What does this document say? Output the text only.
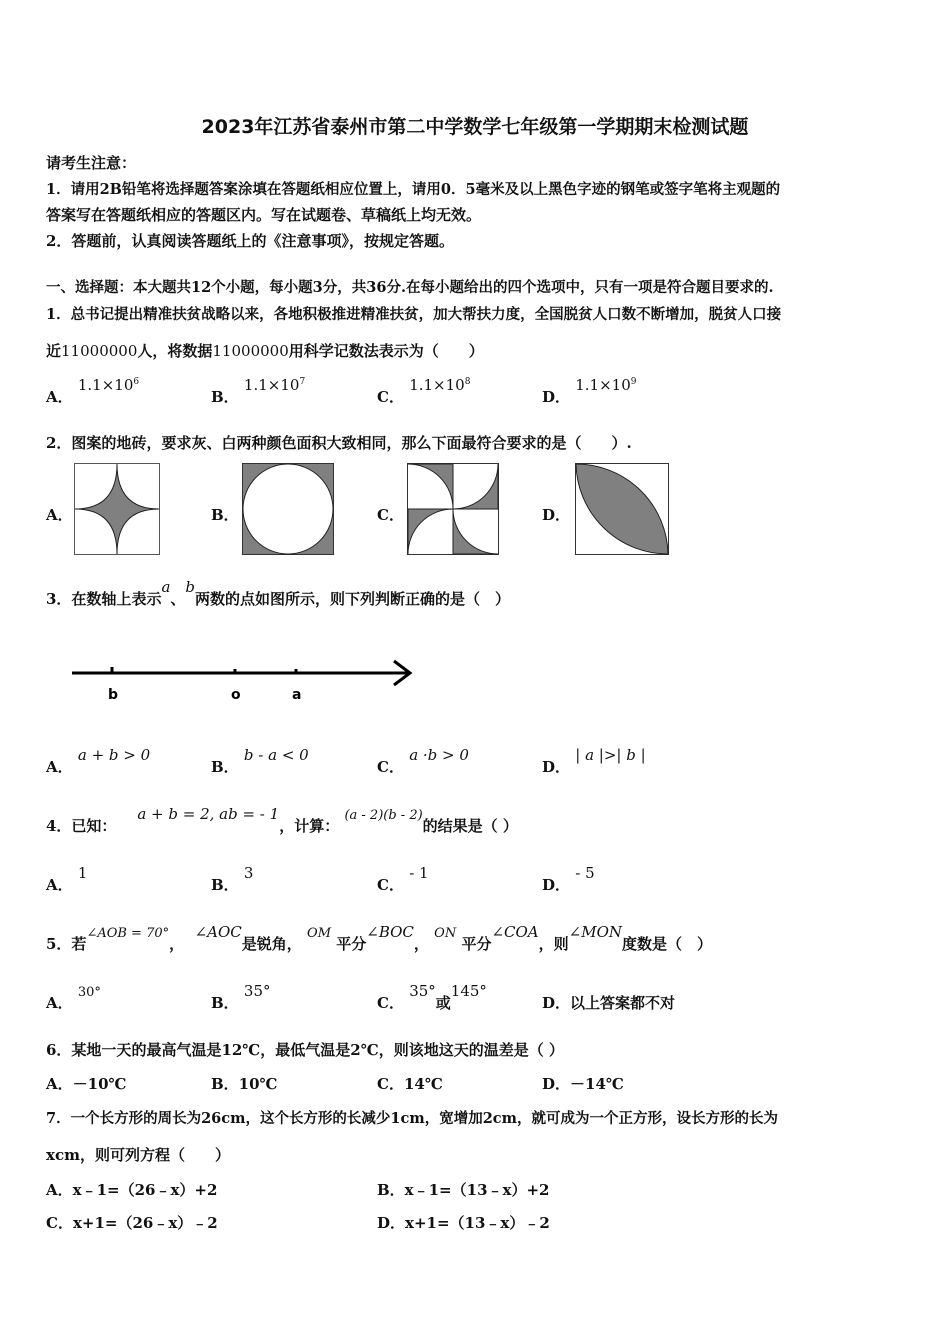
2023年江苏省泰州市第二中学数学七年级第一学期期末检测试题
请考生注意：
1．请用2B铅笔将选择题答案涂填在答题纸相应位置上，请用0．5毫米及以上黑色字迹的钢笔或签字笔将主观题的
答案写在答题纸相应的答题区内。写在试题卷、草稿纸上均无效。
2．答题前，认真阅读答题纸上的《注意事项》，按规定答题。
一、选择题：本大题共12个小题，每小题3分，共36分.在每小题给出的四个选项中，只有一项是符合题目要求的.
1．总书记提出精准扶贫战略以来，各地积极推进精准扶贫，加大帮扶力度，全国脱贫人口数不断增加，脱贫人口接
近11000000人，将数据11000000用科学记数法表示为（　　）
A． $1.1\times 10^6$
B． $1.1\times 10^7$
C． $1.1\times 10^8$
D． $1.1\times 10^9$
2．图案的地砖，要求灰、白两种颜色面积大致相同，那么下面最符合要求的是（　　）.
A．	B．	C．	D．
3．在数轴上表示a、b两数的点如图所示，则下列判断正确的是（　）
b	o	a
A． a + b > 0
B． b - a < 0
C． a ·b > 0
D． | a |>| b |
4．已知：    a + b = 2, ab = - 1，计算： (a - 2)(b - 2)的结果是（ ）
A． 1
B． 3
C． - 1
D． - 5
5．若∠AOB = 70°，  ∠AOC是锐角， OM 平分∠BOC， ON 平分∠COA，则∠MON度数是（　）
A． 30°
B． 35°
C． 35°或145°
D．以上答案都不对
6．某地一天的最高气温是12℃，最低气温是2℃，则该地这天的温差是（ ）
A．－10℃	B．10℃	C．14℃	D．－14℃
7．一个长方形的周长为26cm，这个长方形的长减少1cm，宽增加2cm，就可成为一个正方形，设长方形的长为
xcm，则可列方程（　　）
A．x﹣1=（26﹣x）+2	B．x﹣1=（13﹣x）+2
C．x+1=（26﹣x）﹣2	D．x+1=（13﹣x）﹣2
